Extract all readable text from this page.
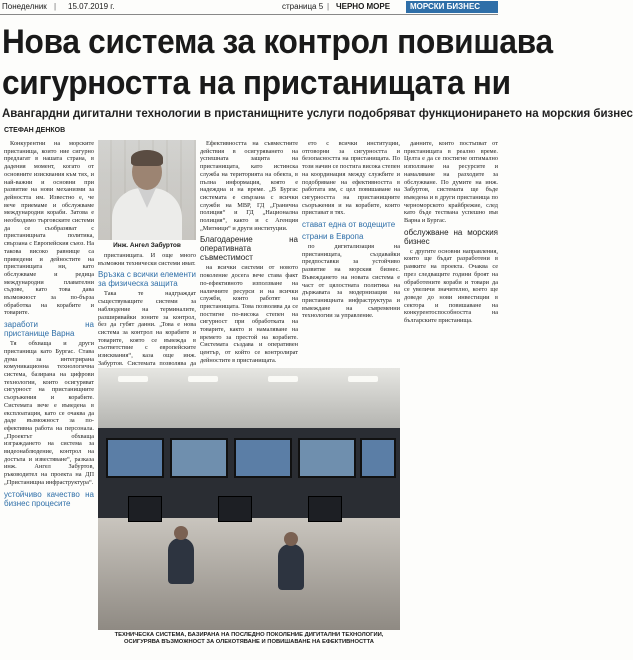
Понеделник | 15.07.2019 г.	страница 5 | ЧЕРНО МОРЕ	МОРСКИ БИЗНЕС
Нова система за контрол повишава
сигурността на пристанищата ни
Авангардни дигитални технологии в пристанищните услуги подобряват функционирането на морския бизнес
СТЕФАН ДЕНКОВ

Конкурентни на морските пристанища, които ние сигурно предлагат в нашата страна, в дадения момент, когато от основните изисквания към тях, и най-важни и основни при развитие на нови механизми за дейността им. Известно е, че вече приемаме и обслужваме международни кораби. Затова е необходимо търговските системи да се съобразяват с пристанищната политика, свързана с Европейския съюз. На такова високо равнище са приведени и дейностите на пристанищата ни, като обслужваме и редица международни плавателни съдове, като това дава възможност за по-бърза обработка на корабите и товарите.

заработи на пристанище Варна

Тя обхваща и други пристанища като Бургас. Става дума за интегрирана комуникационна технологична система, базирана на цифрови технологии, които осигуряват сигурност на пристанищните съоръжения и корабите. Системата вече е въведена в експлоатация, като се очаква да даде възможност за по-ефективна работа на персонала. „Проектът обхваща изграждането на система за видеонаблюдение, контрол на достъпа и известяване“, разказа инж. Ангел Забуртов, ръководител на проекта на ДП „Пристанищна инфраструктура“.

устойчиво качество на бизнес процесите
Инж. Ангел Забуртов

пристанищата. И още много възможни технически системи имат.

Връзка с всички елементи за физическа защита

Така те надграждат съществуващите системи за наблюдение на терминалите, разширявайки зоните за контрол, без да губят данни. „Това е нова система за контрол на корабите и товарите, която се въвежда в съответствие с европейските изисквания“, каза още инж. Забуртов. Системата позволява да

Ефективността на съвместните действия в осигуряването на успешната защита на пристанищата, като истинска служба на територията на обекта, в пълна информация, която е надеждна и на време. „В Бургас системата е свързана с всички служби на МВР, ГД „Гранична полиция“ и ГД „Национална полиция“, както и с Агенция „Митници“ и други институции.

Благодарение на оперативната съвместимост

на всички системи от новото поколение досега вече става факт по-ефективното използване на наличните ресурси и на всички служби, които работят на пристанищата. Това позволява да се постигне по-висока степен на сигурност при обработката на товарите, както и намаляване на времето за престой на корабите. Системата създава и оперативен център, от който се контролират дейностите в пристанищата.

ето с всички институции, отговорни за сигурността и безопасността на пристанищата. По този начин се постига висока степен на координация между службите и подобряване на ефективността в работата им, с цел повишаване на сигурността на пристанищните съоръжения и на корабите, които пристават в тях.

стават една от водещите
страни в Европа

по дигитализация на пристанищата, създавайки предпоставки за устойчиво развитие на морския бизнес. Въвеждането на новата система е част от цялостната политика на държавата за модернизация на пристанищната инфраструктура и въвеждане на съвременни технологии за управление.

данните, които постъпват от пристанищата в реално време. Целта е да се постигне оптимално използване на ресурсите и намаляване на разходите за обслужване. По думите на инж. Забуртов, системата ще бъде въведена и в други пристанища по черноморското крайбрежие, след като бъде тествана успешно във Варна и Бургас.

обслужване на морския бизнес

с другите основни направления, които ще бъдат разработени в рамките на проекта. Очаква се през следващите години броят на обработените кораби и товари да се увеличи значително, което ще доведе до нови инвестиции в сектора и повишаване на конкурентоспособността на българските пристанища.

ТЕХНИЧЕСКА СИСТЕМА, БАЗИРАНА НА ПОСЛЕДНО ПОКОЛЕНИЕ ДИГИТАЛНИ ТЕХНОЛОГИИ, ОСИГУРЯВА ВЪЗМОЖНОСТ ЗА ОЛЕКОТЯВАНЕ И ПОВИШАВАНЕ НА ЕФЕКТИВНОСТТА
